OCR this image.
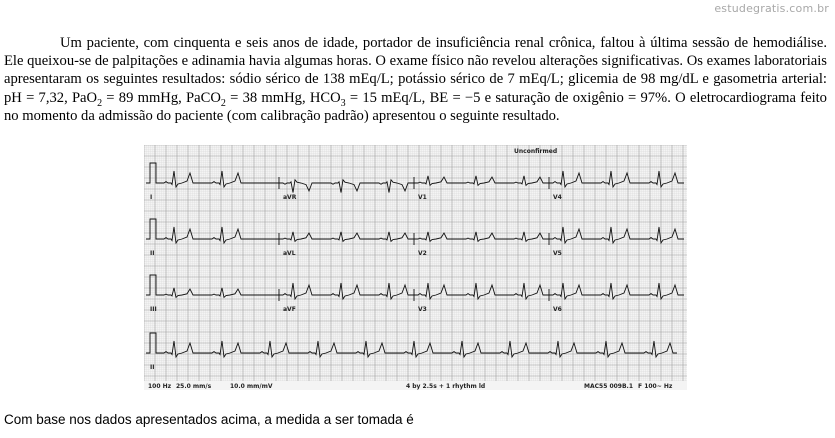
estudegratis.com.br
Um paciente, com cinquenta e seis anos de idade, portador de insuficiência renal crônica, faltou à última sessão de hemodiálise. Ele queixou-se de palpitações e adinamia havia algumas horas. O exame físico não revelou alterações significativas. Os exames laboratoriais apresentaram os seguintes resultados: sódio sérico de 138 mEq/L; potássio sérico de 7 mEq/L; glicemia de 98 mg/dL e gasometria arterial: pH = 7,32, PaO$_2$ = 89 mmHg, PaCO$_2$ = 38 mmHg, $HCO_3 = 15$ mEq/L, BE = −5 e saturação de oxigênio = 97%. O eletrocardiograma feito no momento da admissão do paciente (com calibração padrão) apresentou o seguinte resultado.
I	aVR	V1	V4
II	aVL	V2	V5
III	aVF	V3	V6
II
Unconfirmed
100 Hz 25.0 mm/s	10.0 mm/mV	4 by 2.5s + 1 rhythm ld	MAC55 009B.1 F 100~ Hz
Com base nos dados apresentados acima, a medida a ser tomada é
